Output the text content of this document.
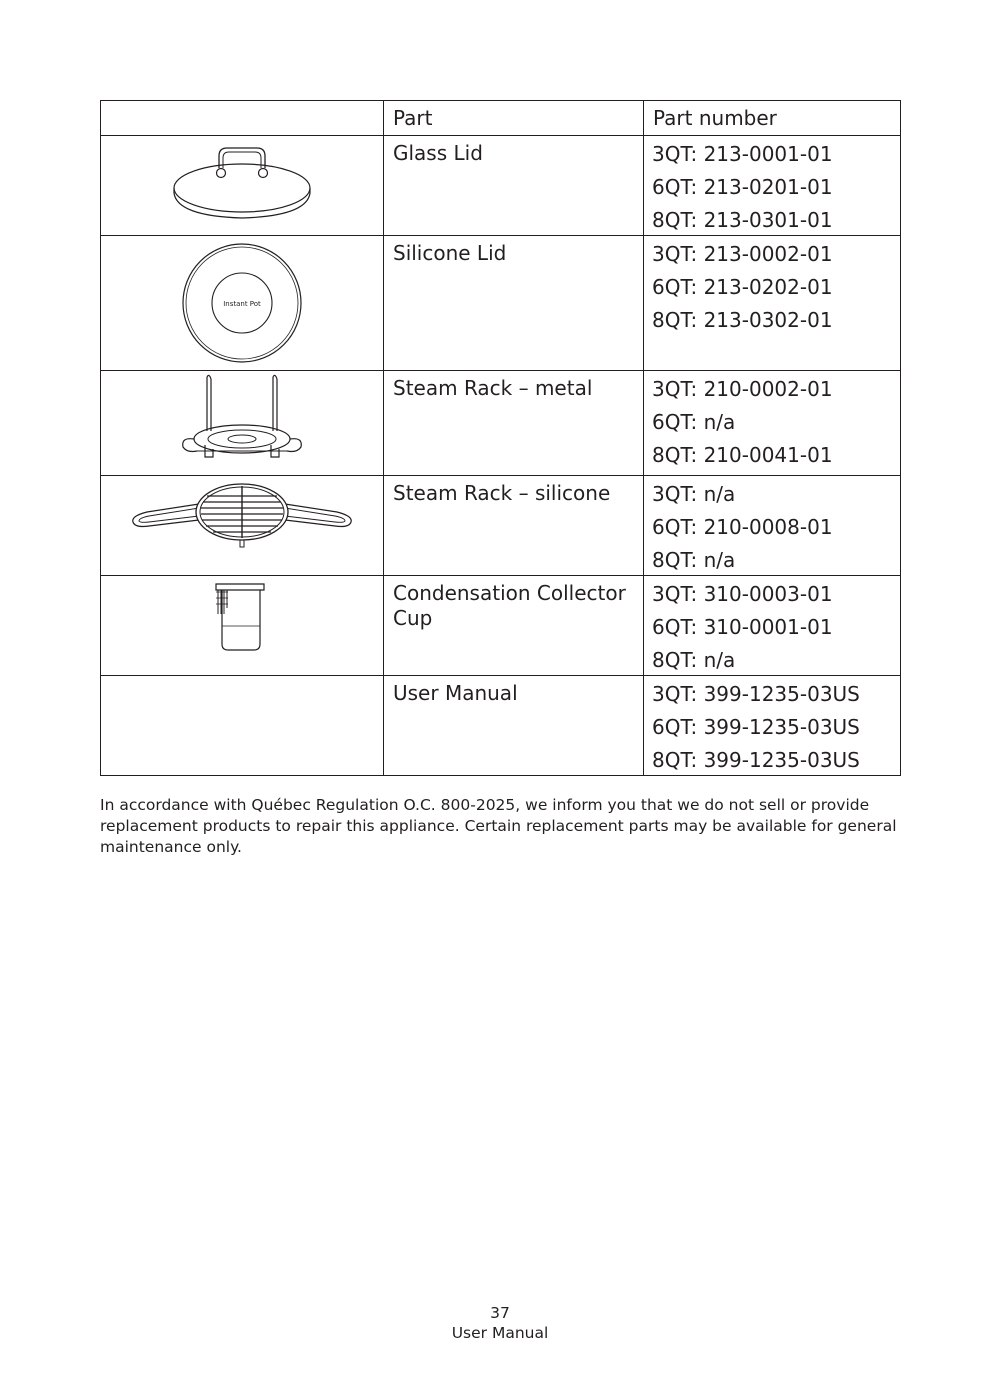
	Part	Part number

Glass Lid	3QT: 213-0001-01
6QT: 213-0201-01
8QT: 213-0301-01

Instant Pot	Silicone Lid	3QT: 213-0002-01
6QT: 213-0202-01
8QT: 213-0302-01

Steam Rack – metal	3QT: 210-0002-01
6QT: n/a
8QT: 210-0041-01

Steam Rack – silicone	3QT: n/a
6QT: 210-0008-01
8QT: n/a

Condensation Collector Cup	3QT: 310-0003-01
6QT: 310-0001-01
8QT: n/a

	User Manual	3QT: 399-1235-03US
6QT: 399-1235-03US
8QT: 399-1235-03US
In accordance with Québec Regulation O.C. 800-2025, we inform you that we do not sell or provide replacement products to repair this appliance. Certain replacement parts may be available for general maintenance only.
37
User Manual
